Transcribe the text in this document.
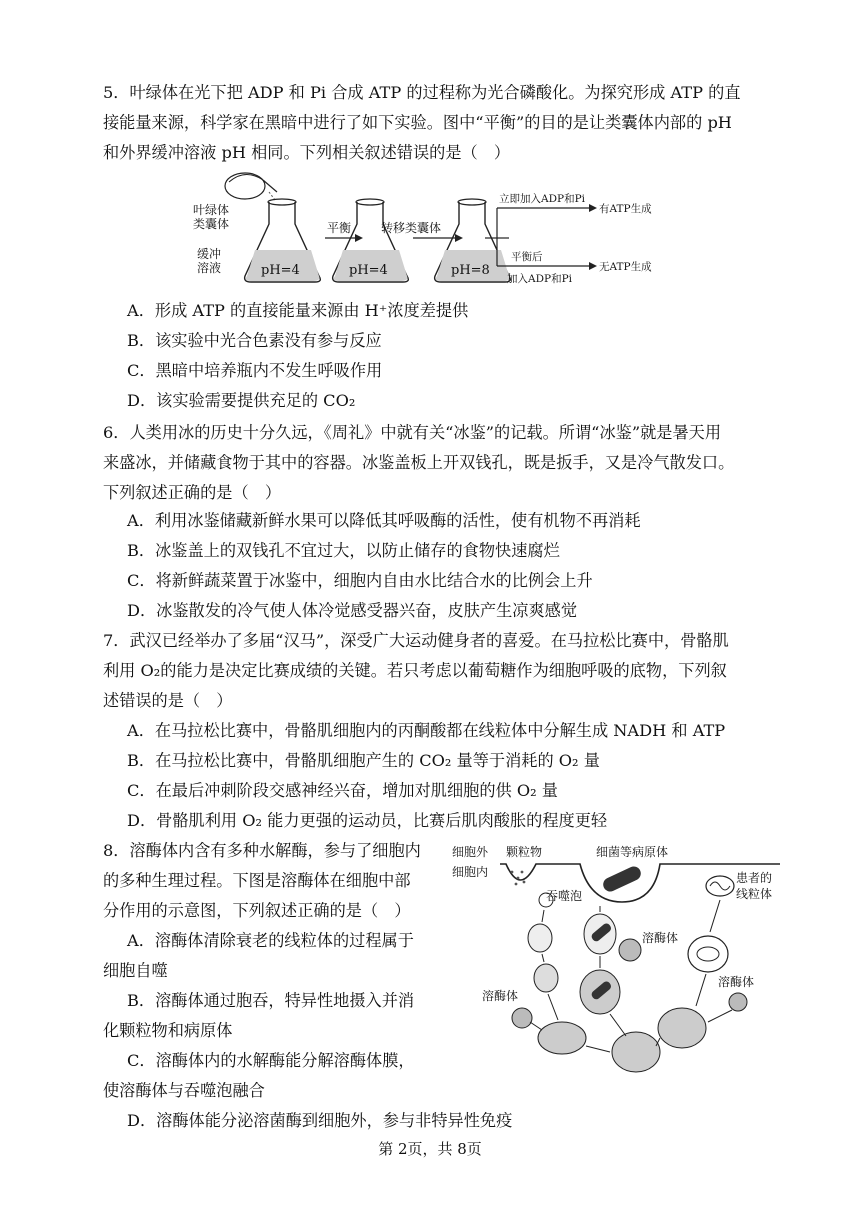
5．叶绿体在光下把 ADP 和 Pi 合成 ATP 的过程称为光合磷酸化。为探究形成 ATP 的直
接能量来源，科学家在黑暗中进行了如下实验。图中“平衡”的目的是让类囊体内部的 pH
和外界缓冲溶液 pH 相同。下列相关叙述错误的是（　）
叶绿体
类囊体
缓冲
溶液	pH=4
平衡
pH=4
转移类囊体
pH=8
立即加入ADP和Pi
有ATP生成
平衡后
加入ADP和Pi
无ATP生成
A．形成 ATP 的直接能量来源由 H⁺浓度差提供
B．该实验中光合色素没有参与反应
C．黑暗中培养瓶内不发生呼吸作用
D．该实验需要提供充足的 CO₂
6．人类用冰的历史十分久远，《周礼》中就有关“冰鉴”的记载。所谓“冰鉴”就是暑天用
来盛冰，并储藏食物于其中的容器。冰鉴盖板上开双钱孔，既是扳手，又是冷气散发口。
下列叙述正确的是（　）
A．利用冰鉴储藏新鲜水果可以降低其呼吸酶的活性，使有机物不再消耗
B．冰鉴盖上的双钱孔不宜过大，以防止储存的食物快速腐烂
C．将新鲜蔬菜置于冰鉴中，细胞内自由水比结合水的比例会上升
D．冰鉴散发的冷气使人体冷觉感受器兴奋，皮肤产生凉爽感觉
7．武汉已经举办了多届“汉马”，深受广大运动健身者的喜爱。在马拉松比赛中，骨骼肌
利用 O₂的能力是决定比赛成绩的关键。若只考虑以葡萄糖作为细胞呼吸的底物，下列叙
述错误的是（　）
A．在马拉松比赛中，骨骼肌细胞内的丙酮酸都在线粒体中分解生成 NADH 和 ATP
B．在马拉松比赛中，骨骼肌细胞产生的 CO₂ 量等于消耗的 O₂ 量
C．在最后冲刺阶段交感神经兴奋，增加对肌细胞的供 O₂ 量
D．骨骼肌利用 O₂ 能力更强的运动员，比赛后肌肉酸胀的程度更轻
8．溶酶体内含有多种水解酶，参与了细胞内
的多种生理过程。下图是溶酶体在细胞中部
分作用的示意图，下列叙述正确的是（　）
A．溶酶体清除衰老的线粒体的过程属于
细胞自噬
B．溶酶体通过胞吞，特异性地摄入并消
化颗粒物和病原体
C．溶酶体内的水解酶能分解溶酶体膜，
使溶酶体与吞噬泡融合
D．溶酶体能分泌溶菌酶到细胞外，参与非特异性免疫
细胞外
细胞内
颗粒物	细菌等病原体
患者的
线粒体
吞噬泡
溶酶体
溶酶体
溶酶体
第 2页，共 8页
